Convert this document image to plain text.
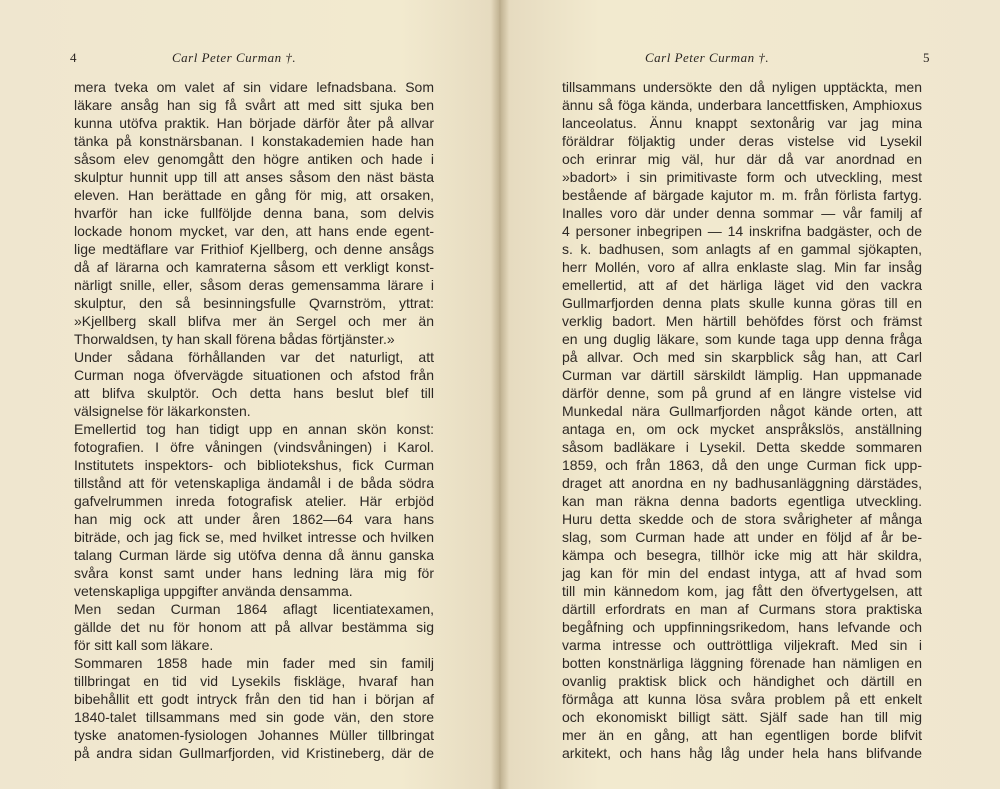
4	Carl Peter Curman †.
mera tveka om valet af sin vidare lefnadsbana. Som
läkare ansåg han sig få svårt att med sitt sjuka ben
kunna utöfva praktik. Han började därför åter på allvar
tänka på konstnärsbanan. I konstakademien hade han
såsom elev genomgått den högre antiken och hade i
skulptur hunnit upp till att anses såsom den näst bästa
eleven. Han berättade en gång för mig, att orsaken,
hvarför han icke fullföljde denna bana, som delvis
lockade honom mycket, var den, att hans ende egent-
lige medtäflare var Frithiof Kjellberg, och denne ansågs
då af lärarna och kamraterna såsom ett verkligt konst-
närligt snille, eller, såsom deras gemensamma lärare i
skulptur, den så besinningsfulle Qvarnström, yttrat:
»Kjellberg skall blifva mer än Sergel och mer än
Thorwaldsen, ty han skall förena bådas förtjänster.»
Under sådana förhållanden var det naturligt, att
Curman noga öfvervägde situationen och afstod från
att blifva skulptör. Och detta hans beslut blef till
välsignelse för läkarkonsten.
Emellertid tog han tidigt upp en annan skön konst:
fotografien. I öfre våningen (vindsvåningen) i Karol.
Institutets inspektors- och bibliotekshus, fick Curman
tillstånd att för vetenskapliga ändamål i de båda södra
gafvelrummen inreda fotografisk atelier. Här erbjöd
han mig ock att under åren 1862—64 vara hans
biträde, och jag fick se, med hvilket intresse och hvilken
talang Curman lärde sig utöfva denna då ännu ganska
svåra konst samt under hans ledning lära mig för
vetenskapliga uppgifter använda densamma.
Men sedan Curman 1864 aflagt licentiatexamen,
gällde det nu för honom att på allvar bestämma sig
för sitt kall som läkare.
Sommaren 1858 hade min fader med sin familj
tillbringat en tid vid Lysekils fiskläge, hvaraf han
bibehållit ett godt intryck från den tid han i början af
1840-talet tillsammans med sin gode vän, den store
tyske anatomen-fysiologen Johannes Müller tillbringat
på andra sidan Gullmarfjorden, vid Kristineberg, där de
Carl Peter Curman †.	5
tillsammans undersökte den då nyligen upptäckta, men
ännu så föga kända, underbara lancettfisken, Amphioxus
lanceolatus. Ännu knappt sextonårig var jag mina
föräldrar följaktig under deras vistelse vid Lysekil
och erinrar mig väl, hur där då var anordnad en
»badort» i sin primitivaste form och utveckling, mest
bestående af bärgade kajutor m. m. från förlista fartyg.
Inalles voro där under denna sommar — vår familj af
4 personer inbegripen — 14 inskrifna badgäster, och de
s. k. badhusen, som anlagts af en gammal sjökapten,
herr Mollén, voro af allra enklaste slag. Min far insåg
emellertid, att af det härliga läget vid den vackra
Gullmarfjorden denna plats skulle kunna göras till en
verklig badort. Men härtill behöfdes först och främst
en ung duglig läkare, som kunde taga upp denna fråga
på allvar. Och med sin skarpblick såg han, att Carl
Curman var därtill särskildt lämplig. Han uppmanade
därför denne, som på grund af en längre vistelse vid
Munkedal nära Gullmarfjorden något kände orten, att
antaga en, om ock mycket anspråkslös, anställning
såsom badläkare i Lysekil. Detta skedde sommaren
1859, och från 1863, då den unge Curman fick upp-
draget att anordna en ny badhusanläggning därstädes,
kan man räkna denna badorts egentliga utveckling.
Huru detta skedde och de stora svårigheter af många
slag, som Curman hade att under en följd af år be-
kämpa och besegra, tillhör icke mig att här skildra,
jag kan för min del endast intyga, att af hvad som
till min kännedom kom, jag fått den öfvertygelsen, att
därtill erfordrats en man af Curmans stora praktiska
begåfning och uppfinningsrikedom, hans lefvande och
varma intresse och outtröttliga viljekraft. Med sin i
botten konstnärliga läggning förenade han nämligen en
ovanlig praktisk blick och händighet och därtill en
förmåga att kunna lösa svåra problem på ett enkelt
och ekonomiskt billigt sätt. Själf sade han till mig
mer än en gång, att han egentligen borde blifvit
arkitekt, och hans håg låg under hela hans blifvande
